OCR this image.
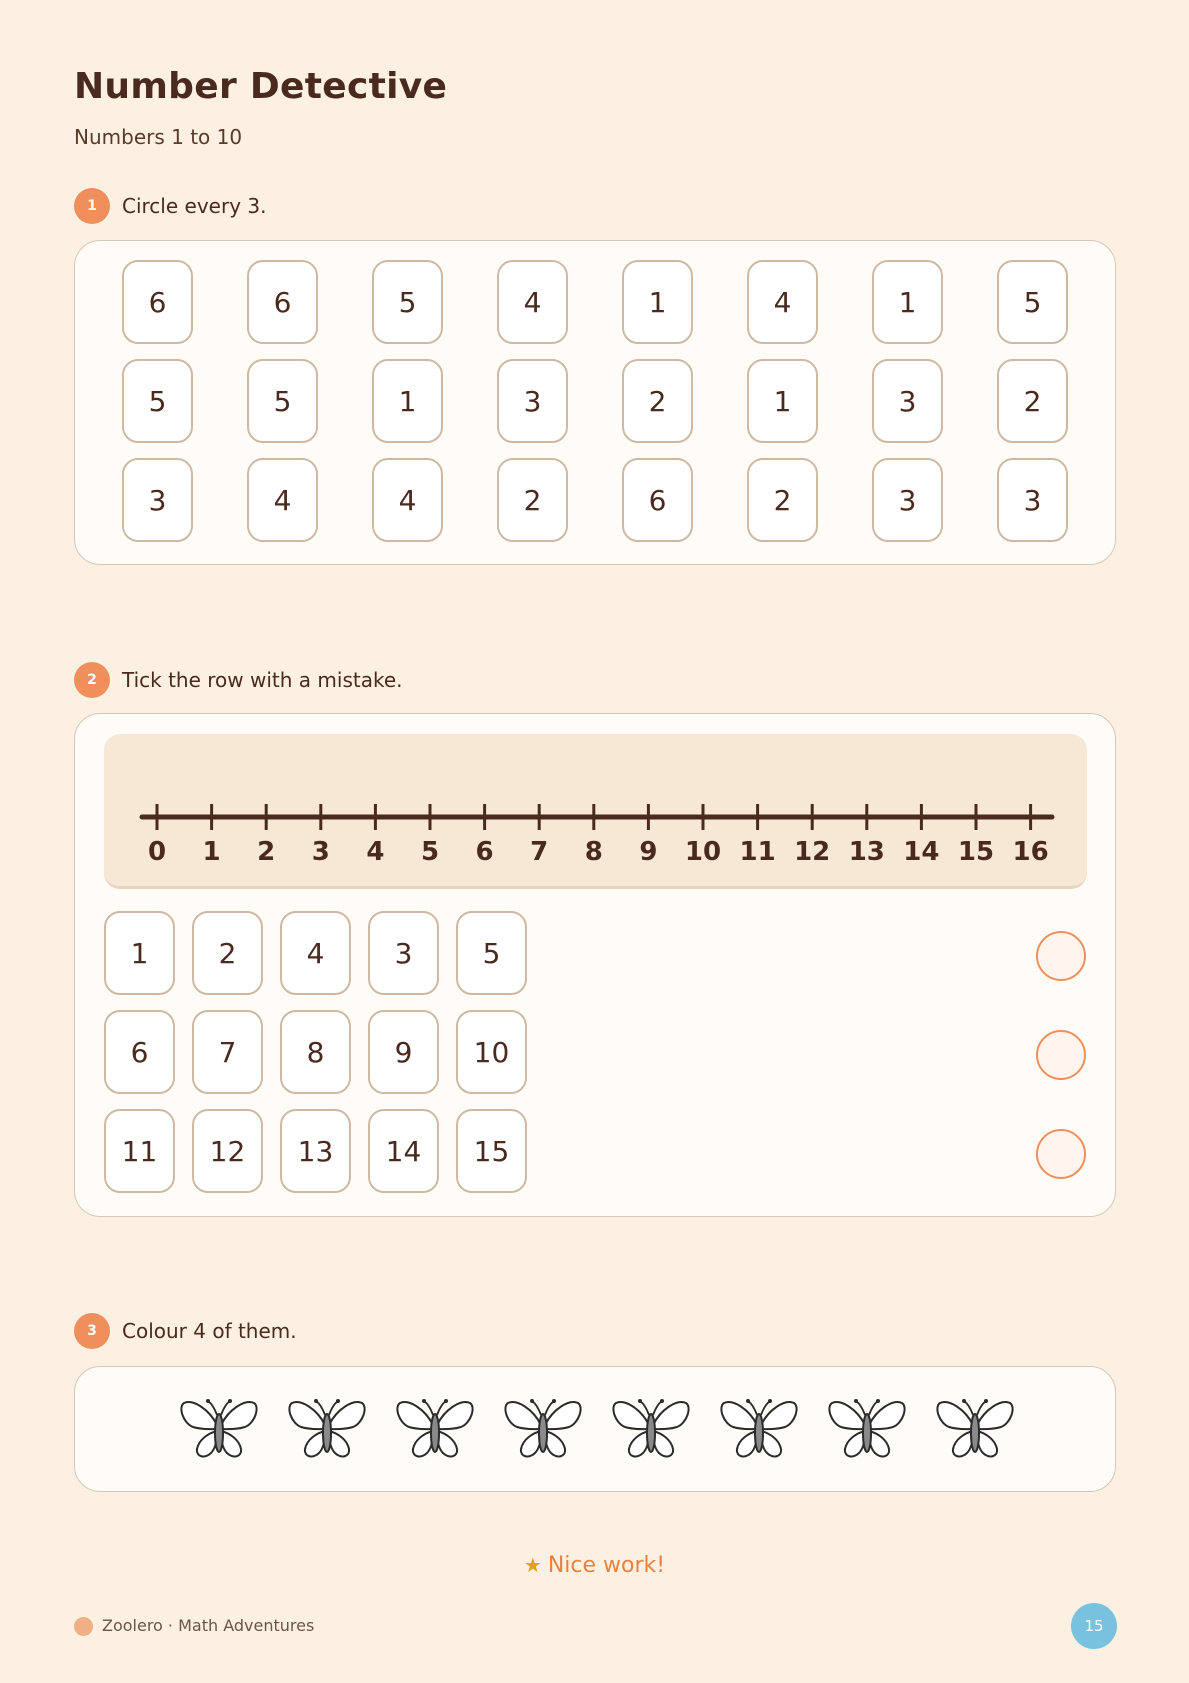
Number Detective
Numbers 1 to 10
1	Circle every 3.
6	6	5	4	1	4	1	5
5	5	1	3	2	1	3	2
3	4	4	2	6	2	3	3
2	Tick the row with a mistake.
0 1 2 3 4 5 6 7 8 9 10 11 12 13 14 15 16
1	2	4	3	5
6	7	8	9	10
11	12	13	14	15
3	Colour 4 of them.
★ Nice work!
Zoolero · Math Adventures	15
